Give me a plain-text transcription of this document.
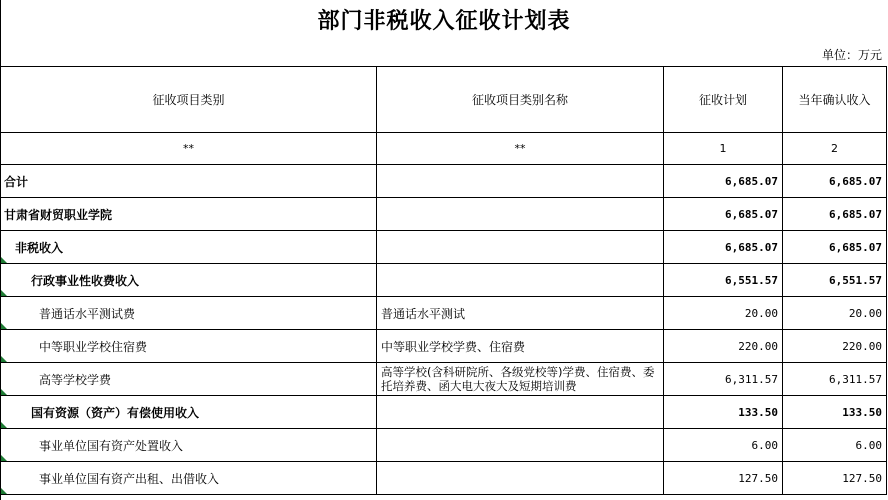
部门非税收入征收计划表
单位：万元
征收项目类别	征收项目类别名称	征收计划	当年确认收入
**	**	1	2
合计		6,685.07	6,685.07
甘肃省财贸职业学院		6,685.07	6,685.07
非税收入		6,685.07	6,685.07
行政事业性收费收入		6,551.57	6,551.57
普通话水平测试费	普通话水平测试	20.00	20.00
中等职业学校住宿费	中等职业学校学费、住宿费	220.00	220.00
高等学校学费	高等学校(含科研院所、各级党校等)学费、住宿费、委托培养费、函大电大夜大及短期培训费	6,311.57	6,311.57
国有资源（资产）有偿使用收入		133.50	133.50
事业单位国有资产处置收入		6.00	6.00
事业单位国有资产出租、出借收入		127.50	127.50
